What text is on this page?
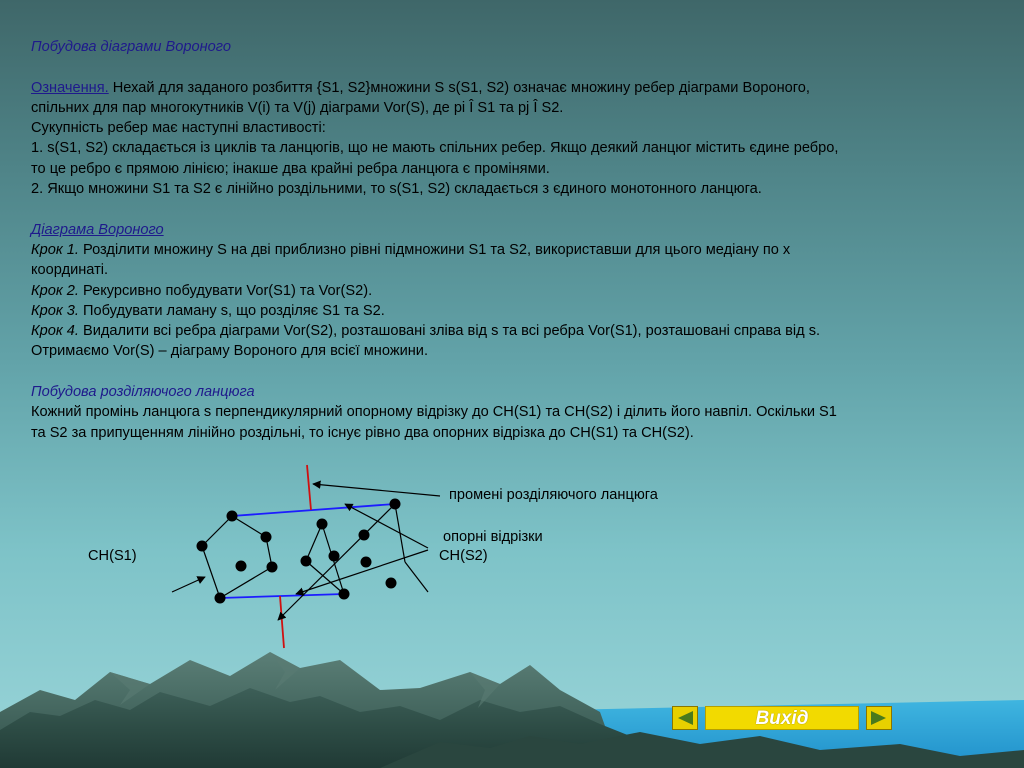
Побудова діаграми Вороного
Означення. Нехай для заданого розбиття {S1, S2}множини S s(S1, S2) означає множину ребер діаграми Вороного,
спільних для пар многокутників V(i) та V(j) діаграми Vor(S), де pi Î S1 та pj Î S2.
Сукупність ребер має наступні властивості:
1. s(S1, S2) складається із циклів та ланцюгів, що не мають спільних ребер. Якщо деякий ланцюг містить єдине ребро,
то це ребро є прямою лінією; інакше два крайні ребра ланцюга є промінями.
2. Якщо множини S1 та S2 є лінійно роздільними, то s(S1, S2) складається з єдиного монотонного ланцюга.
Діаграма Вороного
Крок 1. Розділити множину S на дві приблизно рівні підмножини S1 та S2, використавши для цього медіану по x
координаті.
Крок 2. Рекурсивно побудувати Vor(S1) та Vor(S2).
Крок 3. Побудувати ламану s, що розділяє S1 та S2.
Крок 4. Видалити всі ребра діаграми Vor(S2), розташовані зліва від s та всі ребра Vor(S1), розташовані справа від s.
Отримаємо Vor(S) – діаграму Вороного для всієї множини.
Побудова розділяючого ланцюга
Кожний промінь ланцюга s перпендикулярний опорному відрізку до CH(S1) та CH(S2) і ділить його навпіл. Оскільки S1
та S2 за припущенням лінійно роздільні, то існує рівно два опорних відрізка до CH(S1) та CH(S2).
промені розділяючого ланцюга
опорні відрізки
CH(S1)	CH(S2)
Вихід
